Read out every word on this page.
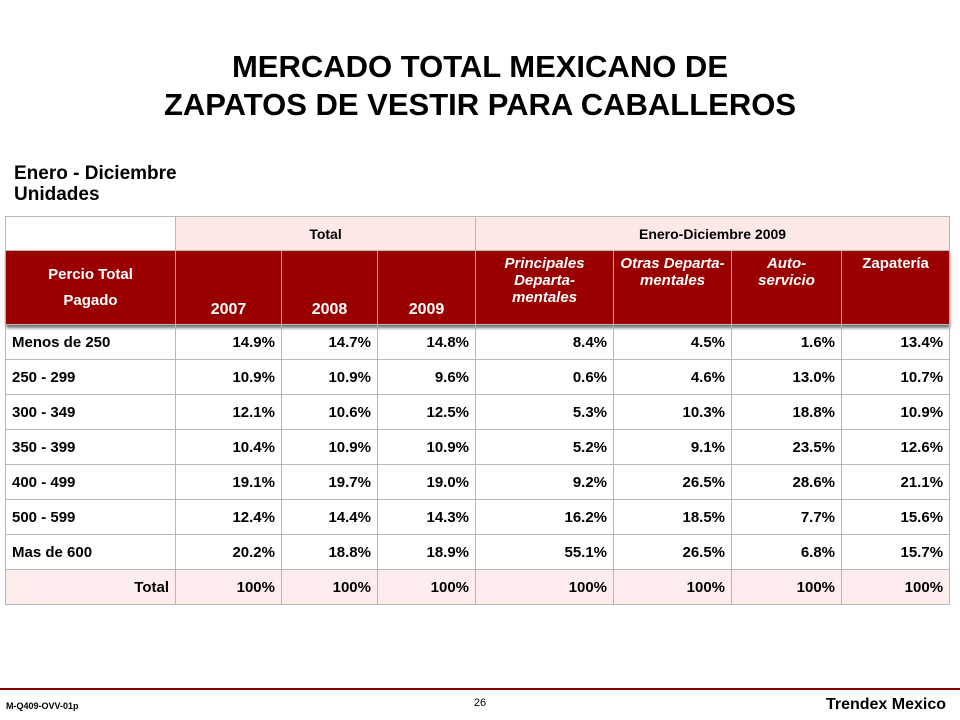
MERCADO TOTAL MEXICANO DE
ZAPATOS DE VESTIR PARA CABALLEROS
Enero - Diciembre
Unidades
	Total			Enero-Diciembre 2009			

Percio Total
Pagado	2007	2008	2009	Principales Departa- mentales	Otras Departa- mentales	Auto- servicio	Zapatería
Menos de 250	14.9%	14.7%	14.8%	8.4%	4.5%	1.6%	13.4%
250 - 299	10.9%	10.9%	9.6%	0.6%	4.6%	13.0%	10.7%
300 - 349	12.1%	10.6%	12.5%	5.3%	10.3%	18.8%	10.9%
350 - 399	10.4%	10.9%	10.9%	5.2%	9.1%	23.5%	12.6%
400 - 499	19.1%	19.7%	19.0%	9.2%	26.5%	28.6%	21.1%
500 - 599	12.4%	14.4%	14.3%	16.2%	18.5%	7.7%	15.6%
Mas de 600	20.2%	18.8%	18.9%	55.1%	26.5%	6.8%	15.7%
Total	100%	100%	100%	100%	100%	100%	100%
M-Q409-OVV-01p	26	Trendex Mexico
